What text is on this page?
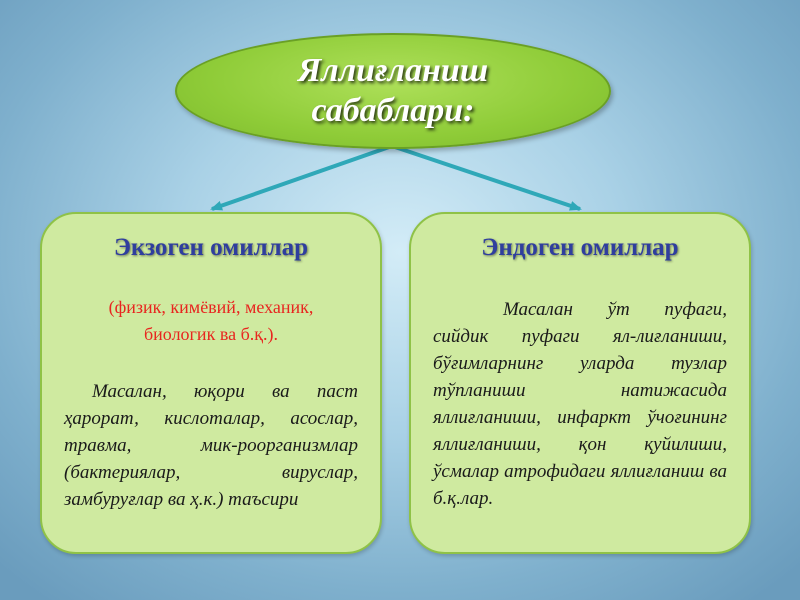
Яллиғланиш
сабаблари:
Экзоген омиллар
(физик, кимёвий, механик,
биологик ва б.қ.).
Масалан, юқори ва паст ҳарорат, кислоталар, асослар, травма, мик-роорганизмлар (бактериялар, вируслар, замбуруғлар ва ҳ.к.) таъсири
Эндоген омиллар
Масалан ўт пуфаги, сийдик пуфаги ял-лиғланиши, бўғимларнинг уларда тузлар тўпланиши натижасида яллиғланиши, инфаркт ўчоғининг яллиғланиши, қон қуйилиши, ўсмалар атрофидаги яллиғланиш ва б.қ.лар.
